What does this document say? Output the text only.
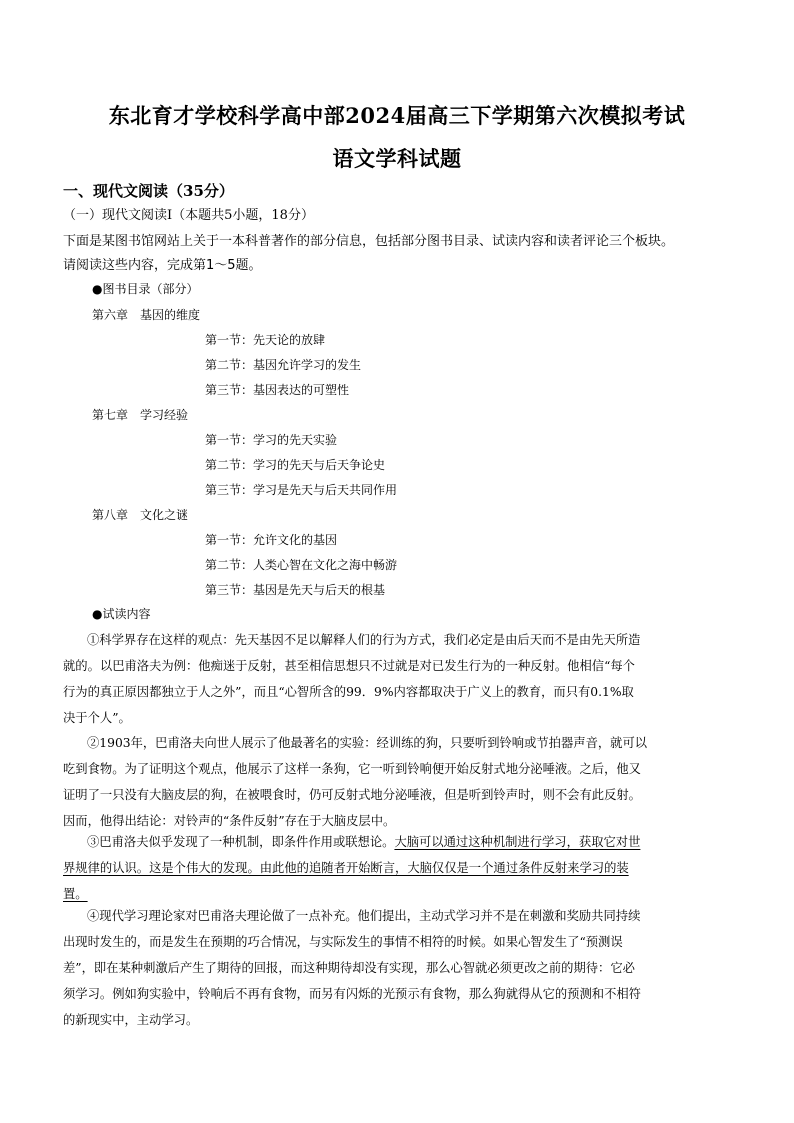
东北育才学校科学高中部2024届高三下学期第六次模拟考试
语文学科试题
一、现代文阅读（35分）
（一）现代文阅读Ⅰ（本题共5小题，18分）
下面是某图书馆网站上关于一本科普著作的部分信息，包括部分图书目录、试读内容和读者评论三个板块。
请阅读这些内容，完成第1～5题。
●图书目录（部分）
第六章　基因的维度
第一节：先天论的放肆
第二节：基因允许学习的发生
第三节：基因表达的可塑性
第七章　学习经验
第一节：学习的先天实验
第二节：学习的先天与后天争论史
第三节：学习是先天与后天共同作用
第八章　文化之谜
第一节：允许文化的基因
第二节：人类心智在文化之海中畅游
第三节：基因是先天与后天的根基
●试读内容
①科学界存在这样的观点：先天基因不足以解释人们的行为方式，我们必定是由后天而不是由先天所造
就的。以巴甫洛夫为例：他痴迷于反射，甚至相信思想只不过就是对已发生行为的一种反射。他相信“每个
行为的真正原因都独立于人之外”，而且“心智所含的99．9%内容都取决于广义上的教育，而只有0.1%取
决于个人”。
②1903年，巴甫洛夫向世人展示了他最著名的实验：经训练的狗，只要听到铃响或节拍器声音，就可以
吃到食物。为了证明这个观点，他展示了这样一条狗，它一听到铃响便开始反射式地分泌唾液。之后，他又
证明了一只没有大脑皮层的狗，在被喂食时，仍可反射式地分泌唾液，但是听到铃声时，则不会有此反射。
因而，他得出结论：对铃声的“条件反射”存在于大脑皮层中。
③巴甫洛夫似乎发现了一种机制，即条件作用或联想论。大脑可以通过这种机制进行学习，获取它对世
界规律的认识。这是个伟大的发现。由此他的追随者开始断言，大脑仅仅是一个通过条件反射来学习的装
置。
④现代学习理论家对巴甫洛夫理论做了一点补充。他们提出，主动式学习并不是在刺激和奖励共同持续
出现时发生的，而是发生在预期的巧合情况，与实际发生的事情不相符的时候。如果心智发生了“预测误
差”，即在某种刺激后产生了期待的回报，而这种期待却没有实现，那么心智就必须更改之前的期待：它必
须学习。例如狗实验中，铃响后不再有食物，而另有闪烁的光预示有食物，那么狗就得从它的预测和不相符
的新现实中，主动学习。
